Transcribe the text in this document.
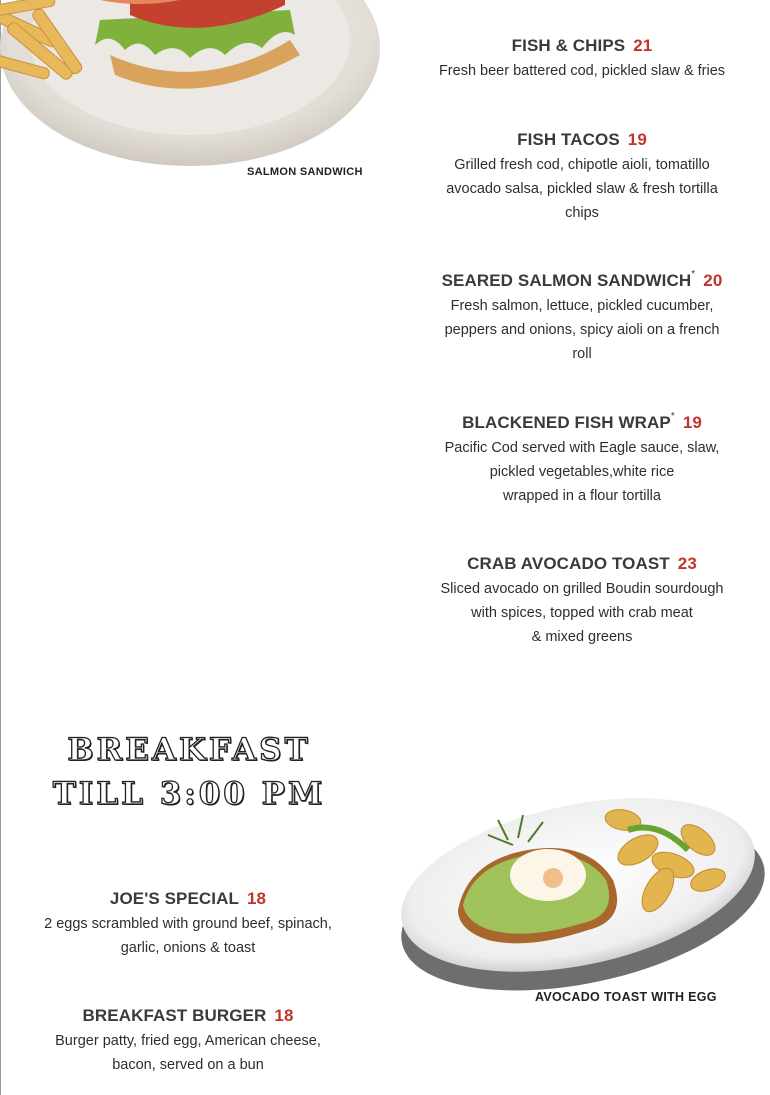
SALMON SANDWICH
FISH & CHIPS 21
Fresh beer battered cod, pickled slaw & fries
FISH TACOS 19
Grilled fresh cod, chipotle aioli, tomatillo
avocado salsa, pickled slaw & fresh tortilla
chips
SEARED SALMON SANDWICH* 20
Fresh salmon, lettuce, pickled cucumber,
peppers and onions, spicy aioli on a french
roll
BLACKENED FISH WRAP* 19
Pacific Cod served with Eagle sauce, slaw,
pickled vegetables,white rice
wrapped in a flour tortilla
CRAB AVOCADO TOAST 23
Sliced avocado on grilled Boudin sourdough
with spices, topped with crab meat
& mixed greens
BREAKFAST
TILL 3:00 PM
JOE'S SPECIAL 18
2 eggs scrambled with ground beef, spinach,
garlic, onions & toast
BREAKFAST BURGER 18
Burger patty, fried egg, American cheese,
bacon, served on a bun
AVOCADO TOAST WITH EGG
